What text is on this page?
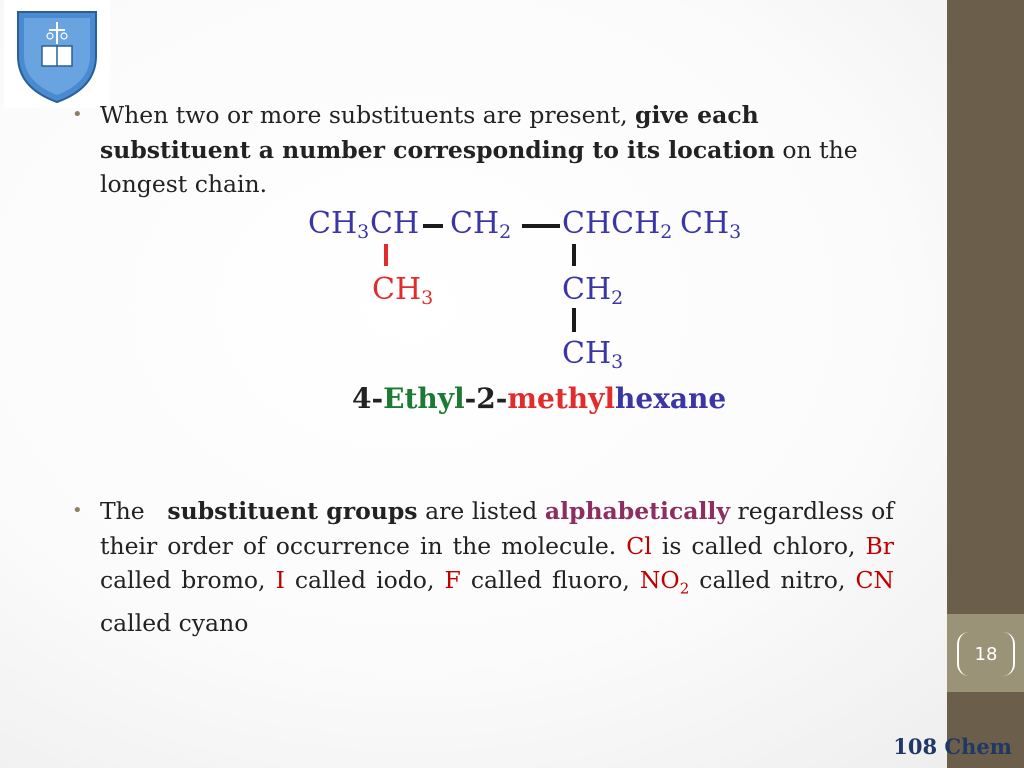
18
108 Chem
• When two or more substituents are present, give each substituent a number corresponding to its location on the longest chain.
$CH_3$ CH $CH_2$ $CHCH_2$ $CH_3$
$CH_3$	$CH_2$
$CH_3$
4-Ethyl-2-methylhexane
• The substituent groups are listed alphabetically regardless of their order of occurrence in the molecule. Cl is called chloro, Br called bromo, I called iodo, F called fluoro, $NO_2$ called nitro, CN called cyano
